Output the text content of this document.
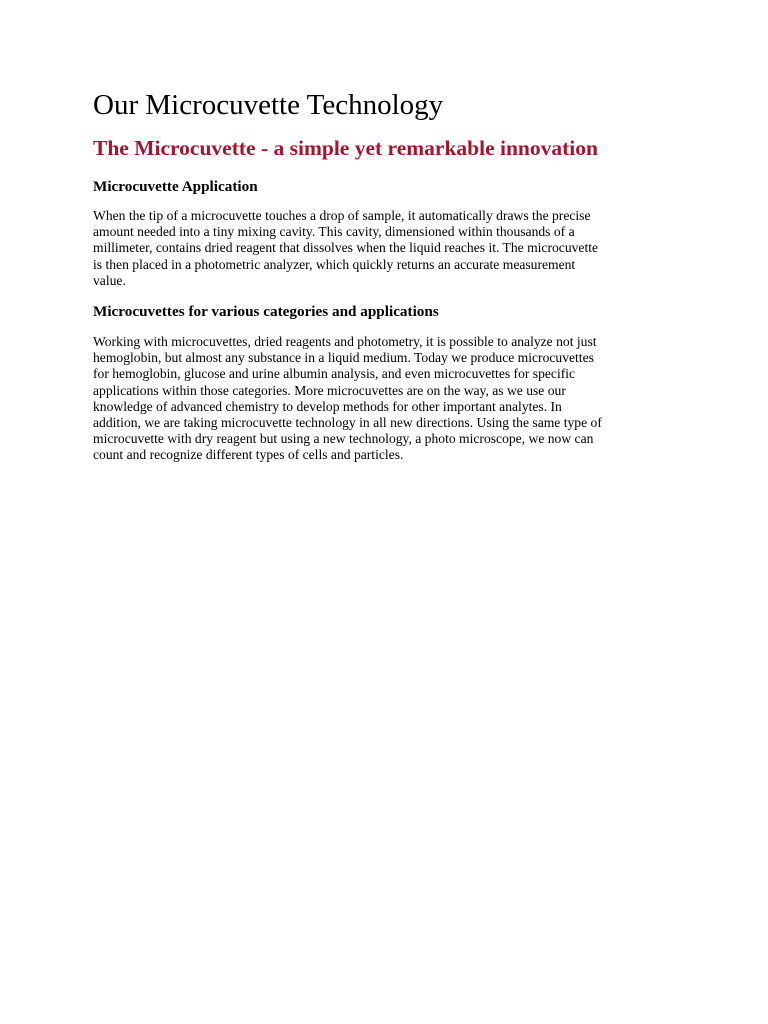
Our Microcuvette Technology
The Microcuvette - a simple yet remarkable innovation
Microcuvette Application
When the tip of a microcuvette touches a drop of sample, it automatically draws the precise
amount needed into a tiny mixing cavity. This cavity, dimensioned within thousands of a
millimeter, contains dried reagent that dissolves when the liquid reaches it. The microcuvette
is then placed in a photometric analyzer, which quickly returns an accurate measurement
value.
Microcuvettes for various categories and applications
Working with microcuvettes, dried reagents and photometry, it is possible to analyze not just
hemoglobin, but almost any substance in a liquid medium. Today we produce microcuvettes
for hemoglobin, glucose and urine albumin analysis, and even microcuvettes for specific
applications within those categories. More microcuvettes are on the way, as we use our
knowledge of advanced chemistry to develop methods for other important analytes. In
addition, we are taking microcuvette technology in all new directions. Using the same type of
microcuvette with dry reagent but using a new technology, a photo microscope, we now can
count and recognize different types of cells and particles.
